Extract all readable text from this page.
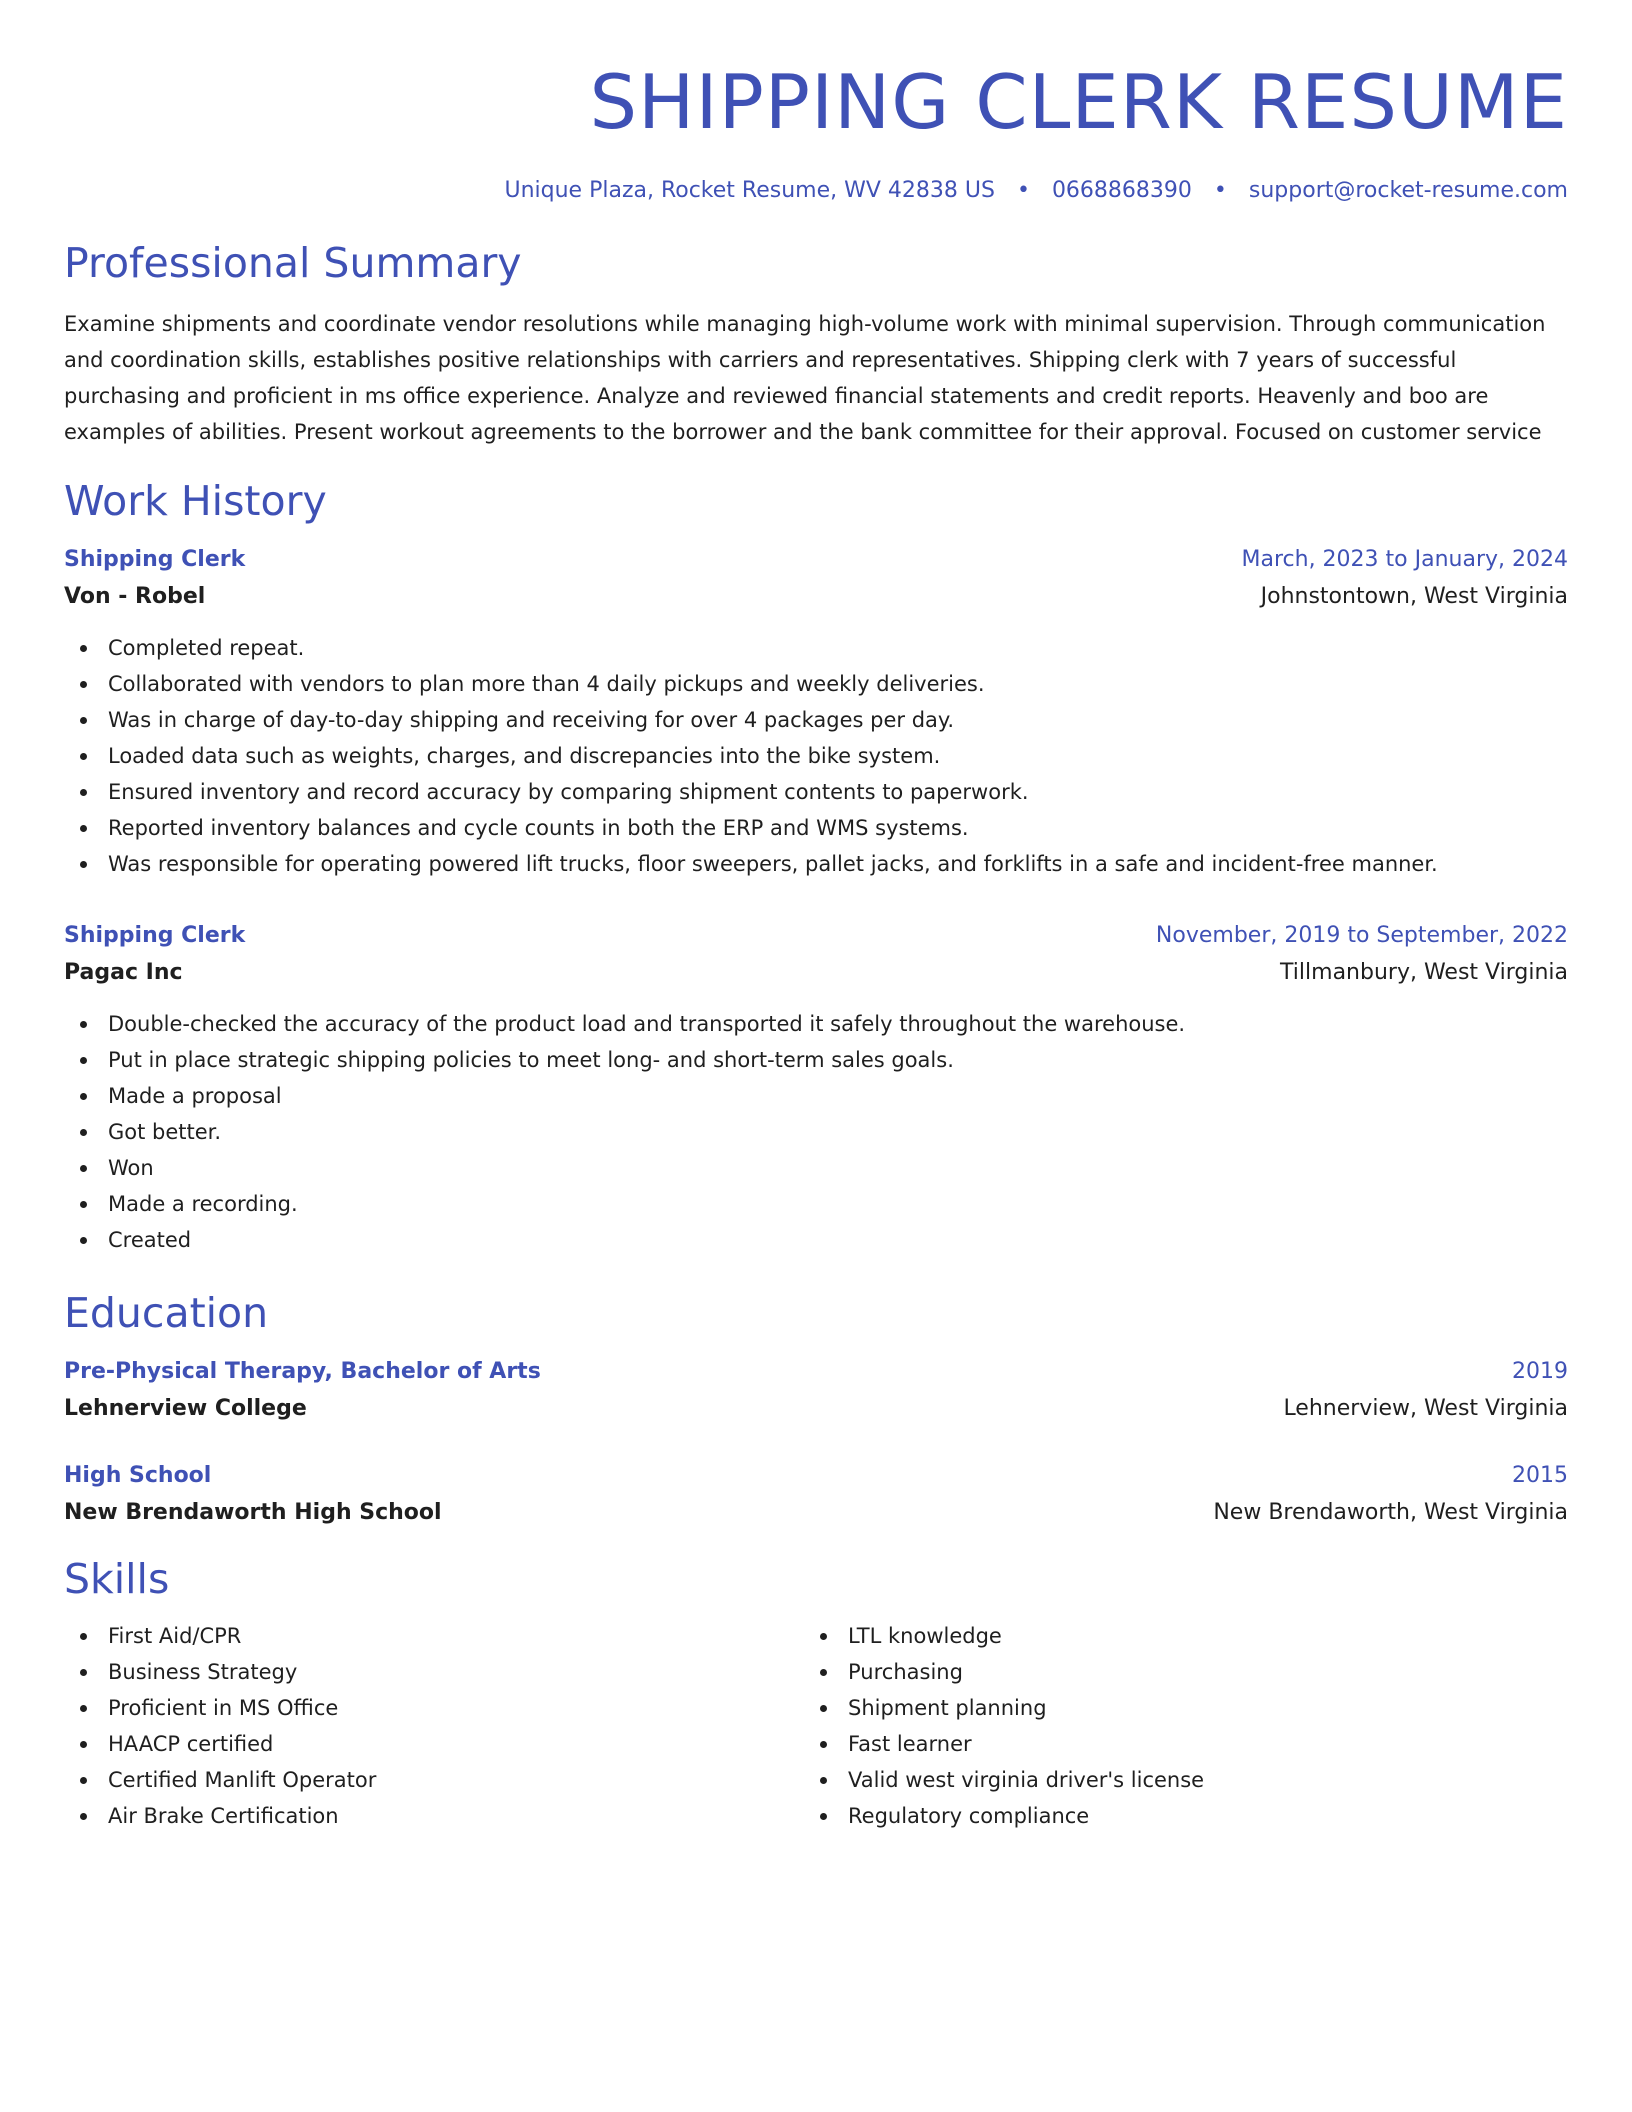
SHIPPING CLERK RESUME
Unique Plaza, Rocket Resume, WV 42838 US • 0668868390 • support@rocket-resume.com
Professional Summary

Examine shipments and coordinate vendor resolutions while managing high-volume work with minimal supervision. Through communication and coordination skills, establishes positive relationships with carriers and representatives. Shipping clerk with 7 years of successful purchasing and proficient in ms office experience. Analyze and reviewed financial statements and credit reports. Heavenly and boo are examples of abilities. Present workout agreements to the borrower and the bank committee for their approval. Focused on customer service

Work History
Shipping Clerk	March, 2023 to January, 2024
Von - Robel	Johnstontown, West Virginia
Completed repeat.
Collaborated with vendors to plan more than 4 daily pickups and weekly deliveries.
Was in charge of day-to-day shipping and receiving for over 4 packages per day.
Loaded data such as weights, charges, and discrepancies into the bike system.
Ensured inventory and record accuracy by comparing shipment contents to paperwork.
Reported inventory balances and cycle counts in both the ERP and WMS systems.
Was responsible for operating powered lift trucks, floor sweepers, pallet jacks, and forklifts in a safe and incident-free manner.
Shipping Clerk	November, 2019 to September, 2022
Pagac Inc	Tillmanbury, West Virginia
Double-checked the accuracy of the product load and transported it safely throughout the warehouse.
Put in place strategic shipping policies to meet long- and short-term sales goals.
Made a proposal
Got better.
Won
Made a recording.
Created
Education
Pre-Physical Therapy, Bachelor of Arts	2019
Lehnerview College	Lehnerview, West Virginia
High School	2015
New Brendaworth High School	New Brendaworth, West Virginia
Skills
First Aid/CPR
Business Strategy
Proficient in MS Office
HAACP certified
Certified Manlift Operator
Air Brake Certification
LTL knowledge
Purchasing
Shipment planning
Fast learner
Valid west virginia driver's license
Regulatory compliance
